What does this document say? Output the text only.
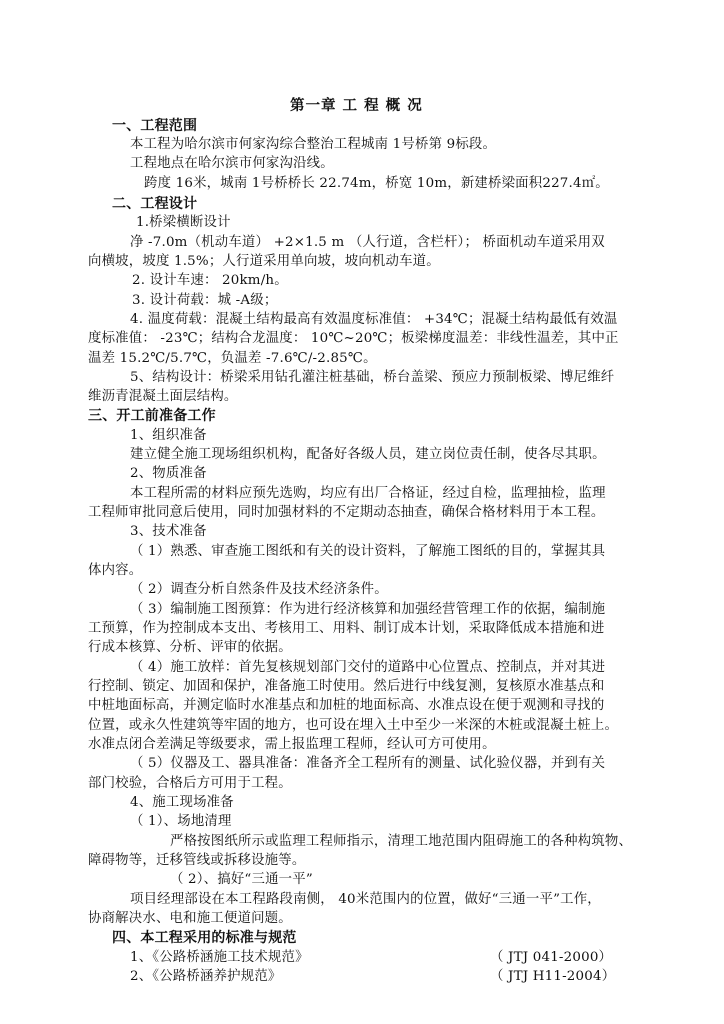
第一章 工 程 概 况
一、工程范围
本工程为哈尔滨市何家沟综合整治工程城南 1号桥第 9标段。
工程地点在哈尔滨市何家沟沿线。
跨度 16米，城南 1号桥桥长 22.74m，桥宽 10m，新建桥梁面积227.4㎡。
二、工程设计
1.桥梁横断设计
净 -7.0m（机动车道） +2×1.5 m （人行道，含栏杆）； 桥面机动车道采用双
向横坡，坡度 1.5%；人行道采用单向坡，坡向机动车道。
2. 设计车速： 20km/h。
3. 设计荷载：城 -A级；
4. 温度荷载：混凝土结构最高有效温度标准值： +34℃；混凝土结构最低有效温
度标准值： -23℃；结构合龙温度： 10℃~20℃；板梁梯度温差：非线性温差，其中正
温差 15.2℃/5.7℃，负温差 -7.6℃/-2.85℃。
5、结构设计：桥梁采用钻孔灌注桩基础，桥台盖梁、预应力预制板梁、博尼维纤
维沥青混凝土面层结构。
三、开工前准备工作
1、组织准备
建立健全施工现场组织机构，配备好各级人员，建立岗位责任制，使各尽其职。
2、物质准备
本工程所需的材料应预先选购，均应有出厂合格证，经过自检，监理抽检，监理
工程师审批同意后使用，同时加强材料的不定期动态抽查，确保合格材料用于本工程。
3、技术准备
（ 1）熟悉、审查施工图纸和有关的设计资料，了解施工图纸的目的，掌握其具
体内容。
（ 2）调查分析自然条件及技术经济条件。
（ 3）编制施工图预算：作为进行经济核算和加强经营管理工作的依据，编制施
工预算，作为控制成本支出、考核用工、用料、制订成本计划，采取降低成本措施和进
行成本核算、分析、评审的依据。
（ 4）施工放样：首先复核规划部门交付的道路中心位置点、控制点，并对其进
行控制、锁定、加固和保护，准备施工时使用。然后进行中线复测，复核原水准基点和
中桩地面标高，并测定临时水准基点和加桩的地面标高、水准点设在便于观测和寻找的
位置，或永久性建筑等牢固的地方，也可设在埋入土中至少一米深的木桩或混凝土桩上。
水准点闭合差满足等级要求，需上报监理工程师，经认可方可使用。
（ 5）仪器及工、器具准备：准备齐全工程所有的测量、试化验仪器，并到有关
部门校验，合格后方可用于工程。
4、施工现场准备
（ 1）、场地清理
严格按图纸所示或监理工程师指示，清理工地范围内阻碍施工的各种构筑物、
障碍物等，迁移管线或拆移设施等。
（ 2）、搞好“三通一平”
项目经理部设在本工程路段南侧， 40米范围内的位置，做好“三通一平”工作，
协商解决水、电和施工便道问题。
四、本工程采用的标准与规范
1、《公路桥涵施工技术规范》	（ JTJ 041-2000）
2、《公路桥涵养护规范》	（ JTJ H11-2004）
